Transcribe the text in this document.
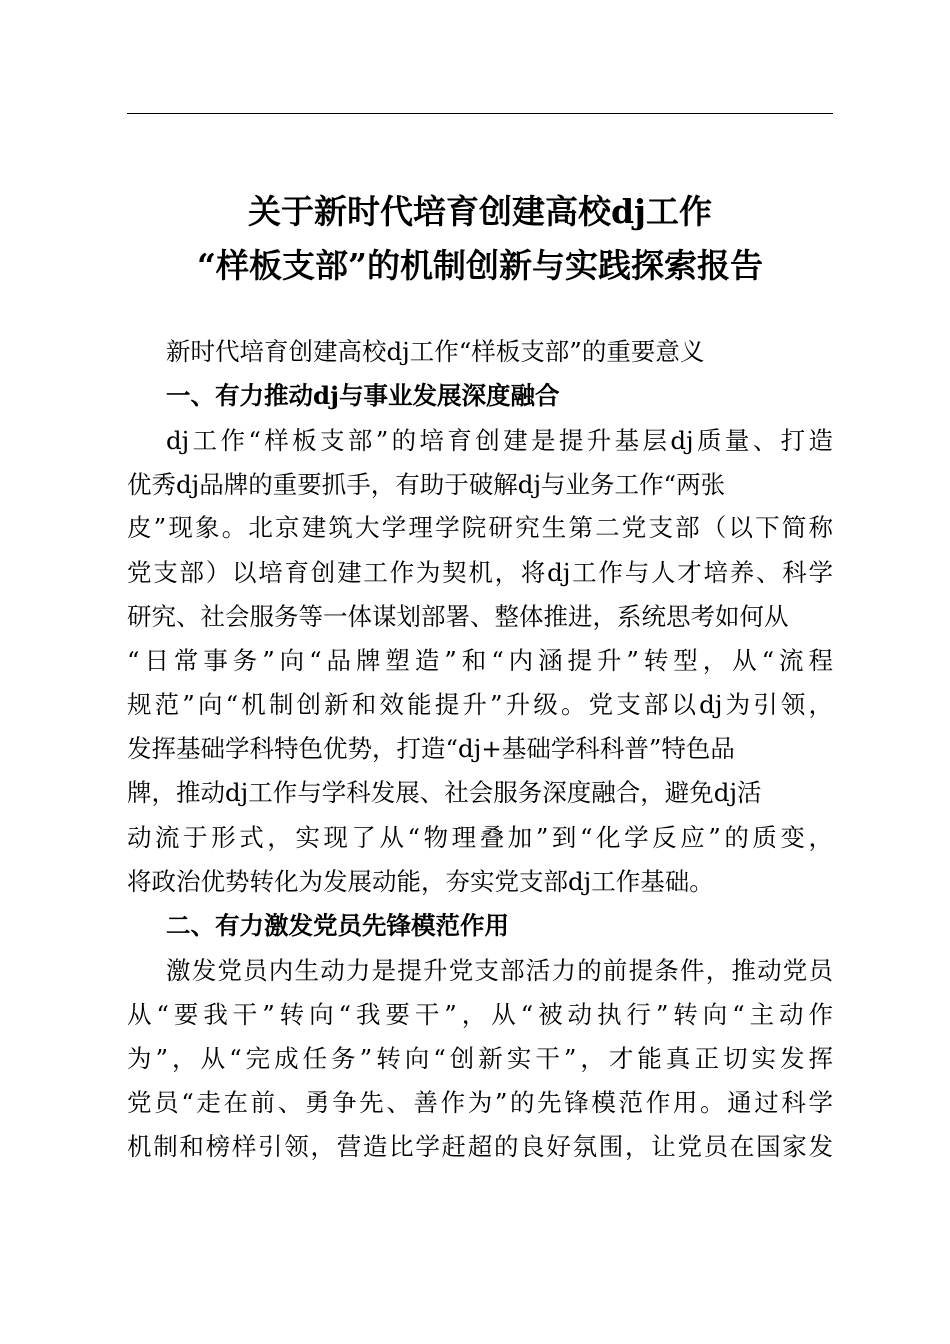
关于新时代培育创建高校dj工作
“样板支部”的机制创新与实践探索报告
新时代培育创建高校dj工作“样板支部”的重要意义
一、有力推动dj与事业发展深度融合
dj工作“样板支部”的培育创建是提升基层dj质量、打造
优秀dj品牌的重要抓手，有助于破解dj与业务工作“两张
皮”现象。北京建筑大学理学院研究生第二党支部（以下简称
党支部）以培育创建工作为契机，将dj工作与人才培养、科学
研究、社会服务等一体谋划部署、整体推进，系统思考如何从
“日常事务”向“品牌塑造”和“内涵提升”转型，从“流程
规范”向“机制创新和效能提升”升级。党支部以dj为引领，
发挥基础学科特色优势，打造“dj+基础学科科普”特色品
牌，推动dj工作与学科发展、社会服务深度融合，避免dj活
动流于形式，实现了从“物理叠加”到“化学反应”的质变，
将政治优势转化为发展动能，夯实党支部dj工作基础。
二、有力激发党员先锋模范作用
激发党员内生动力是提升党支部活力的前提条件，推动党员
从“要我干”转向“我要干”，从“被动执行”转向“主动作
为”，从“完成任务”转向“创新实干”，才能真正切实发挥
党员“走在前、勇争先、善作为”的先锋模范作用。通过科学
机制和榜样引领，营造比学赶超的良好氛围，让党员在国家发
